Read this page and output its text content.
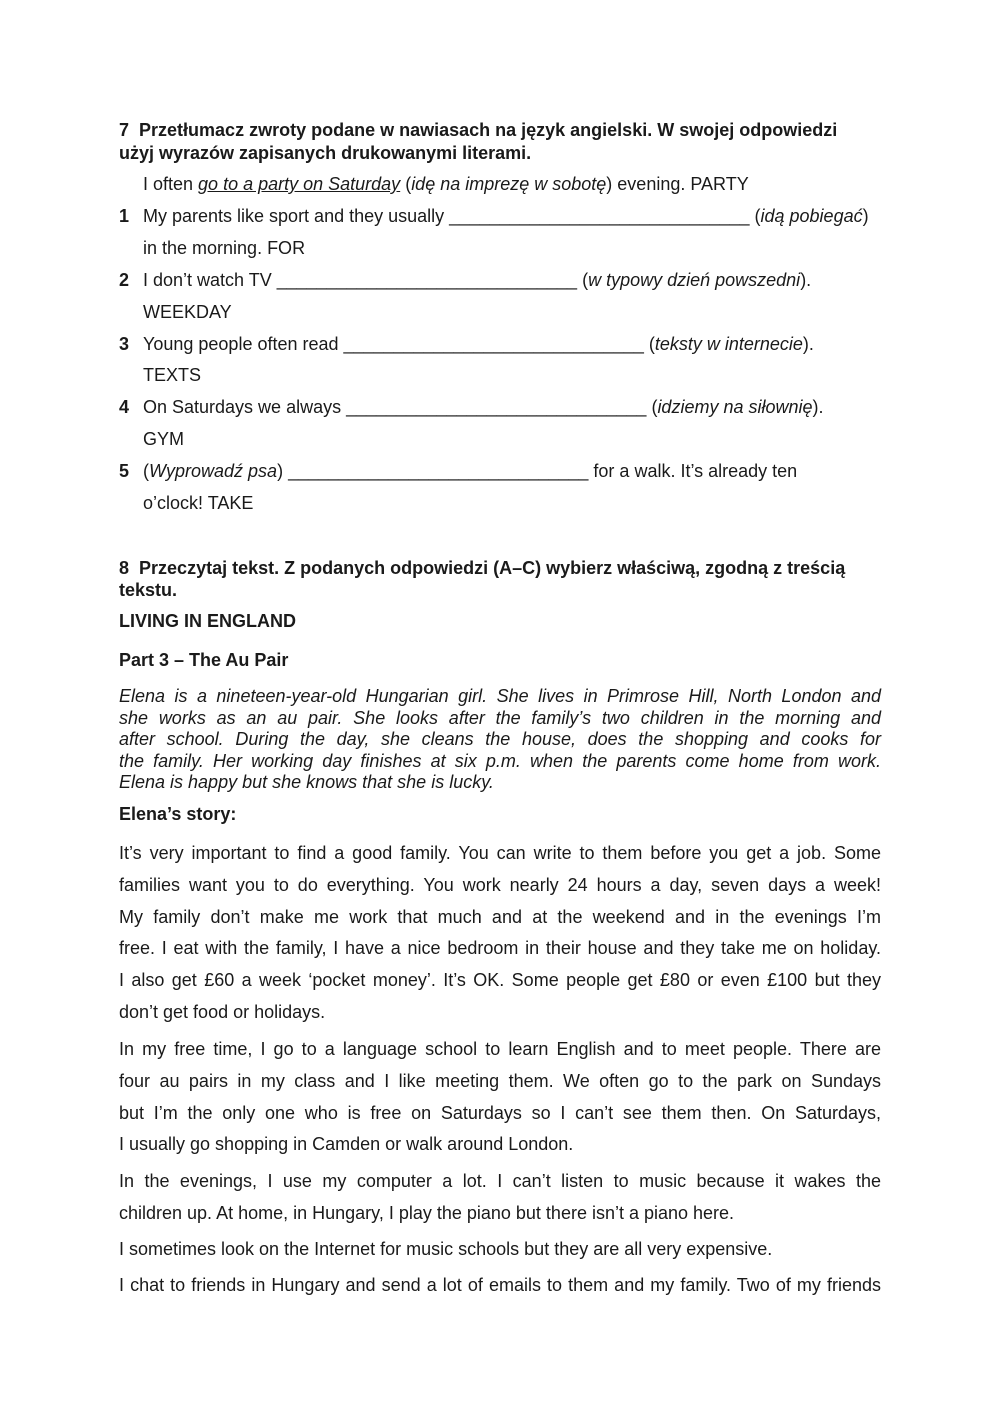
7 Przetłumacz zwroty podane w nawiasach na język angielski. W swojej odpowiedzi
użyj wyrazów zapisanych drukowanymi literami.
I often go to a party on Saturday (idę na imprezę w sobotę) evening. PARTY
1 My parents like sport and they usually ______________________________ (idą pobiegać)
in the morning. FOR
2 I don’t watch TV ______________________________ (w typowy dzień powszedni).
WEEKDAY
3 Young people often read ______________________________ (teksty w internecie).
TEXTS
4 On Saturdays we always ______________________________ (idziemy na siłownię).
GYM
5 (Wyprowadź psa) ______________________________ for a walk. It’s already ten
o’clock! TAKE
8 Przeczytaj tekst. Z podanych odpowiedzi (A–C) wybierz właściwą, zgodną z treścią
tekstu.
LIVING IN ENGLAND
Part 3 – The Au Pair
Elena is a nineteen-year-old Hungarian girl. She lives in Primrose Hill, North London and
she works as an au pair. She looks after the family’s two children in the morning and
after school. During the day, she cleans the house, does the shopping and cooks for
the family. Her working day finishes at six p.m. when the parents come home from work.
Elena is happy but she knows that she is lucky.
Elena’s story:
It’s very important to find a good family. You can write to them before you get a job. Some
families want you to do everything. You work nearly 24 hours a day, seven days a week!
My family don’t make me work that much and at the weekend and in the evenings I’m
free. I eat with the family, I have a nice bedroom in their house and they take me on holiday.
I also get £60 a week ‘pocket money’. It’s OK. Some people get £80 or even £100 but they
don’t get food or holidays.
In my free time, I go to a language school to learn English and to meet people. There are
four au pairs in my class and I like meeting them. We often go to the park on Sundays
but I’m the only one who is free on Saturdays so I can’t see them then. On Saturdays,
I usually go shopping in Camden or walk around London.
In the evenings, I use my computer a lot. I can’t listen to music because it wakes the
children up. At home, in Hungary, I play the piano but there isn’t a piano here.
I sometimes look on the Internet for music schools but they are all very expensive.
I chat to friends in Hungary and send a lot of emails to them and my family. Two of my friends
